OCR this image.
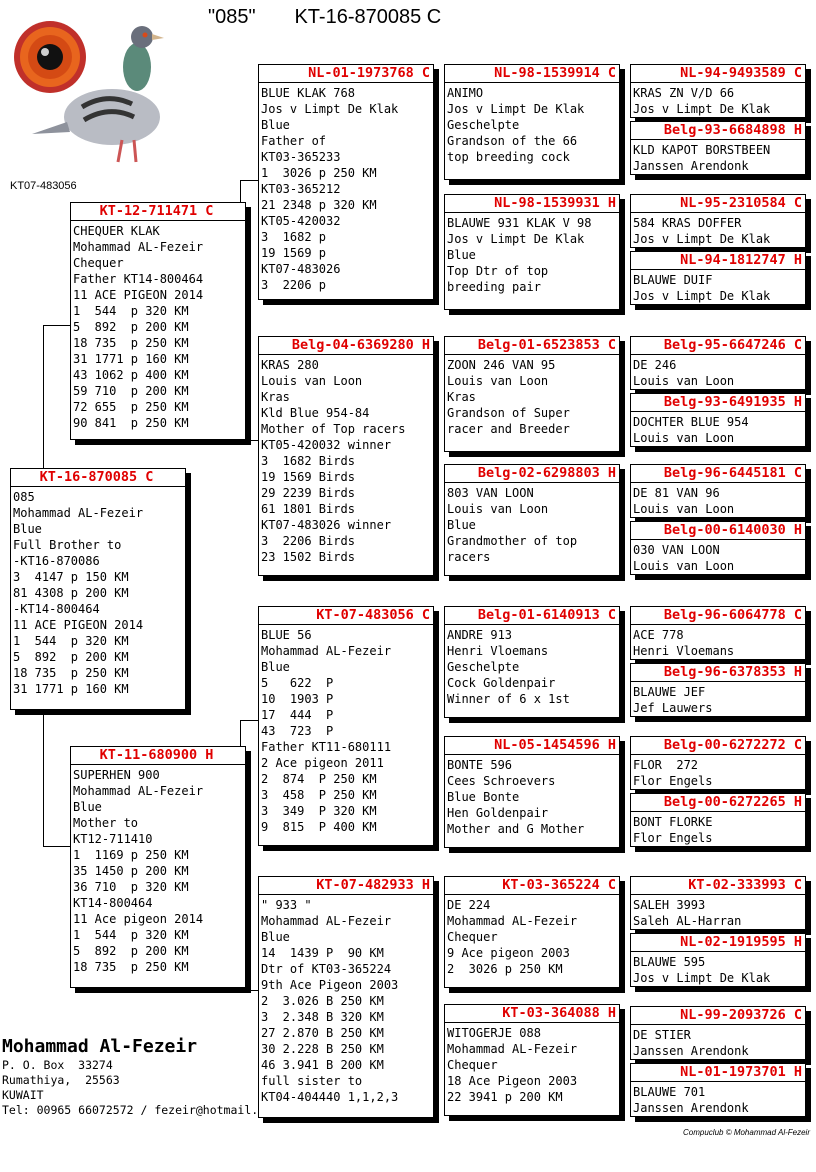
"085"       KT-16-870085 C
KT07-483056
KT-16-870085 C
085
Mohammad AL-Fezeir
Blue
Full Brother to
-KT16-870086
3  4147 p 150 KM
81 4308 p 200 KM
-KT14-800464
11 ACE PIGEON 2014
1  544  p 320 KM
5  892  p 200 KM
18 735  p 250 KM
31 1771 p 160 KM
KT-12-711471 C
CHEQUER KLAK
Mohammad AL-Fezeir
Chequer
Father KT14-800464
11 ACE PIGEON 2014
1  544  p 320 KM
5  892  p 200 KM
18 735  p 250 KM
31 1771 p 160 KM
43 1062 p 400 KM
59 710  p 200 KM
72 655  p 250 KM
90 841  p 250 KM
KT-11-680900 H
SUPERHEN 900
Mohammad AL-Fezeir
Blue
Mother to
KT12-711410
1  1169 p 250 KM
35 1450 p 200 KM
36 710  p 320 KM
KT14-800464
11 Ace pigeon 2014
1  544  p 320 KM
5  892  p 200 KM
18 735  p 250 KM
NL-01-1973768 C
BLUE KLAK 768
Jos v Limpt De Klak
Blue
Father of
KT03-365233
1  3026 p 250 KM
KT03-365212
21 2348 p 320 KM
KT05-420032
3  1682 p
19 1569 p
KT07-483026
3  2206 p
Belg-04-6369280 H
KRAS 280
Louis van Loon
Kras
Kld Blue 954-84
Mother of Top racers
KT05-420032 winner
3  1682 Birds
19 1569 Birds
29 2239 Birds
61 1801 Birds
KT07-483026 winner
3  2206 Birds
23 1502 Birds
KT-07-483056 C
BLUE 56
Mohammad AL-Fezeir
Blue
5   622  P
10  1903 P
17  444  P
43  723  P
Father KT11-680111
2 Ace pigeon 2011
2  874  P 250 KM
3  458  P 250 KM
3  349  P 320 KM
9  815  P 400 KM
KT-07-482933 H
" 933 "
Mohammad AL-Fezeir
Blue
14  1439 P  90 KM
Dtr of KT03-365224
9th Ace Pigeon 2003
2  3.026 B 250 KM
3  2.348 B 320 KM
27 2.870 B 250 KM
30 2.228 B 250 KM
46 3.941 B 200 KM
full sister to
KT04-404440 1,1,2,3
NL-98-1539914 C
ANIMO
Jos v Limpt De Klak
Geschelpte
Grandson of the 66
top breeding cock
NL-98-1539931 H
BLAUWE 931 KLAK V 98
Jos v Limpt De Klak
Blue
Top Dtr of top
breeding pair
Belg-01-6523853 C
ZOON 246 VAN 95
Louis van Loon
Kras
Grandson of Super
racer and Breeder
Belg-02-6298803 H
803 VAN LOON
Louis van Loon
Blue
Grandmother of top
racers
Belg-01-6140913 C
ANDRE 913
Henri Vloemans
Geschelpte
Cock Goldenpair
Winner of 6 x 1st
NL-05-1454596 H
BONTE 596
Cees Schroevers
Blue Bonte
Hen Goldenpair
Mother and G Mother
KT-03-365224 C
DE 224
Mohammad AL-Fezeir
Chequer
9 Ace pigeon 2003
2  3026 p 250 KM
KT-03-364088 H
WITOGERJE 088
Mohammad AL-Fezeir
Chequer
18 Ace Pigeon 2003
22 3941 p 200 KM
NL-94-9493589 C
KRAS ZN V/D 66
Jos v Limpt De Klak
Belg-93-6684898 H
KLD KAPOT BORSTBEEN
Janssen Arendonk
NL-95-2310584 C
584 KRAS DOFFER
Jos v Limpt De Klak
NL-94-1812747 H
BLAUWE DUIF
Jos v Limpt De Klak
Belg-95-6647246 C
DE 246
Louis van Loon
Belg-93-6491935 H
DOCHTER BLUE 954
Louis van Loon
Belg-96-6445181 C
DE 81 VAN 96
Louis van Loon
Belg-00-6140030 H
030 VAN LOON
Louis van Loon
Belg-96-6064778 C
ACE 778
Henri Vloemans
Belg-96-6378353 H
BLAUWE JEF
Jef Lauwers
Belg-00-6272272 C
FLOR  272
Flor Engels
Belg-00-6272265 H
BONT FLORKE
Flor Engels
KT-02-333993 C
SALEH 3993
Saleh AL-Harran
NL-02-1919595 H
BLAUWE 595
Jos v Limpt De Klak
NL-99-2093726 C
DE STIER
Janssen Arendonk
NL-01-1973701 H
BLAUWE 701
Janssen Arendonk
Mohammad Al-Fezeir
P. O. Box  33274
Rumathiya,  25563
KUWAIT
Tel: 00965 66072572 / fezeir@hotmail.
Compuclub © Mohammad Al-Fezeir
